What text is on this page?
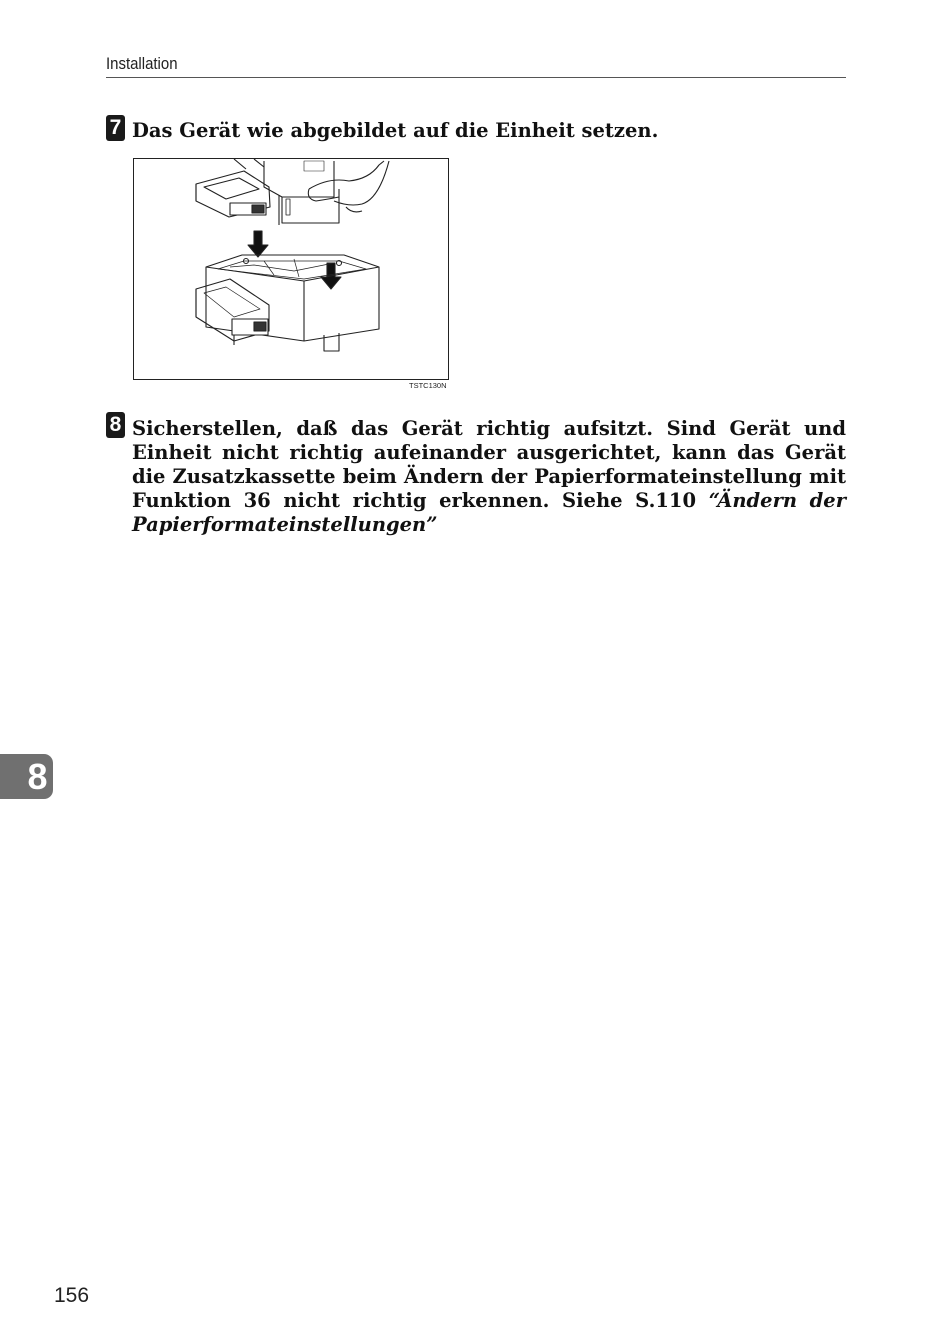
Installation
7 Das Gerät wie abgebildet auf die Einheit setzen.
TSTC130N
8 Sicherstellen, daß das Gerät richtig aufsitzt. Sind Gerät und Einheit nicht richtig aufeinander ausgerichtet, kann das Gerät die Zusatzkassette beim Ändern der Papierformateinstellung mit Funktion 36 nicht richtig erkennen. Siehe S.110 “Ändern der Papierformateinstellungen”
8
156
